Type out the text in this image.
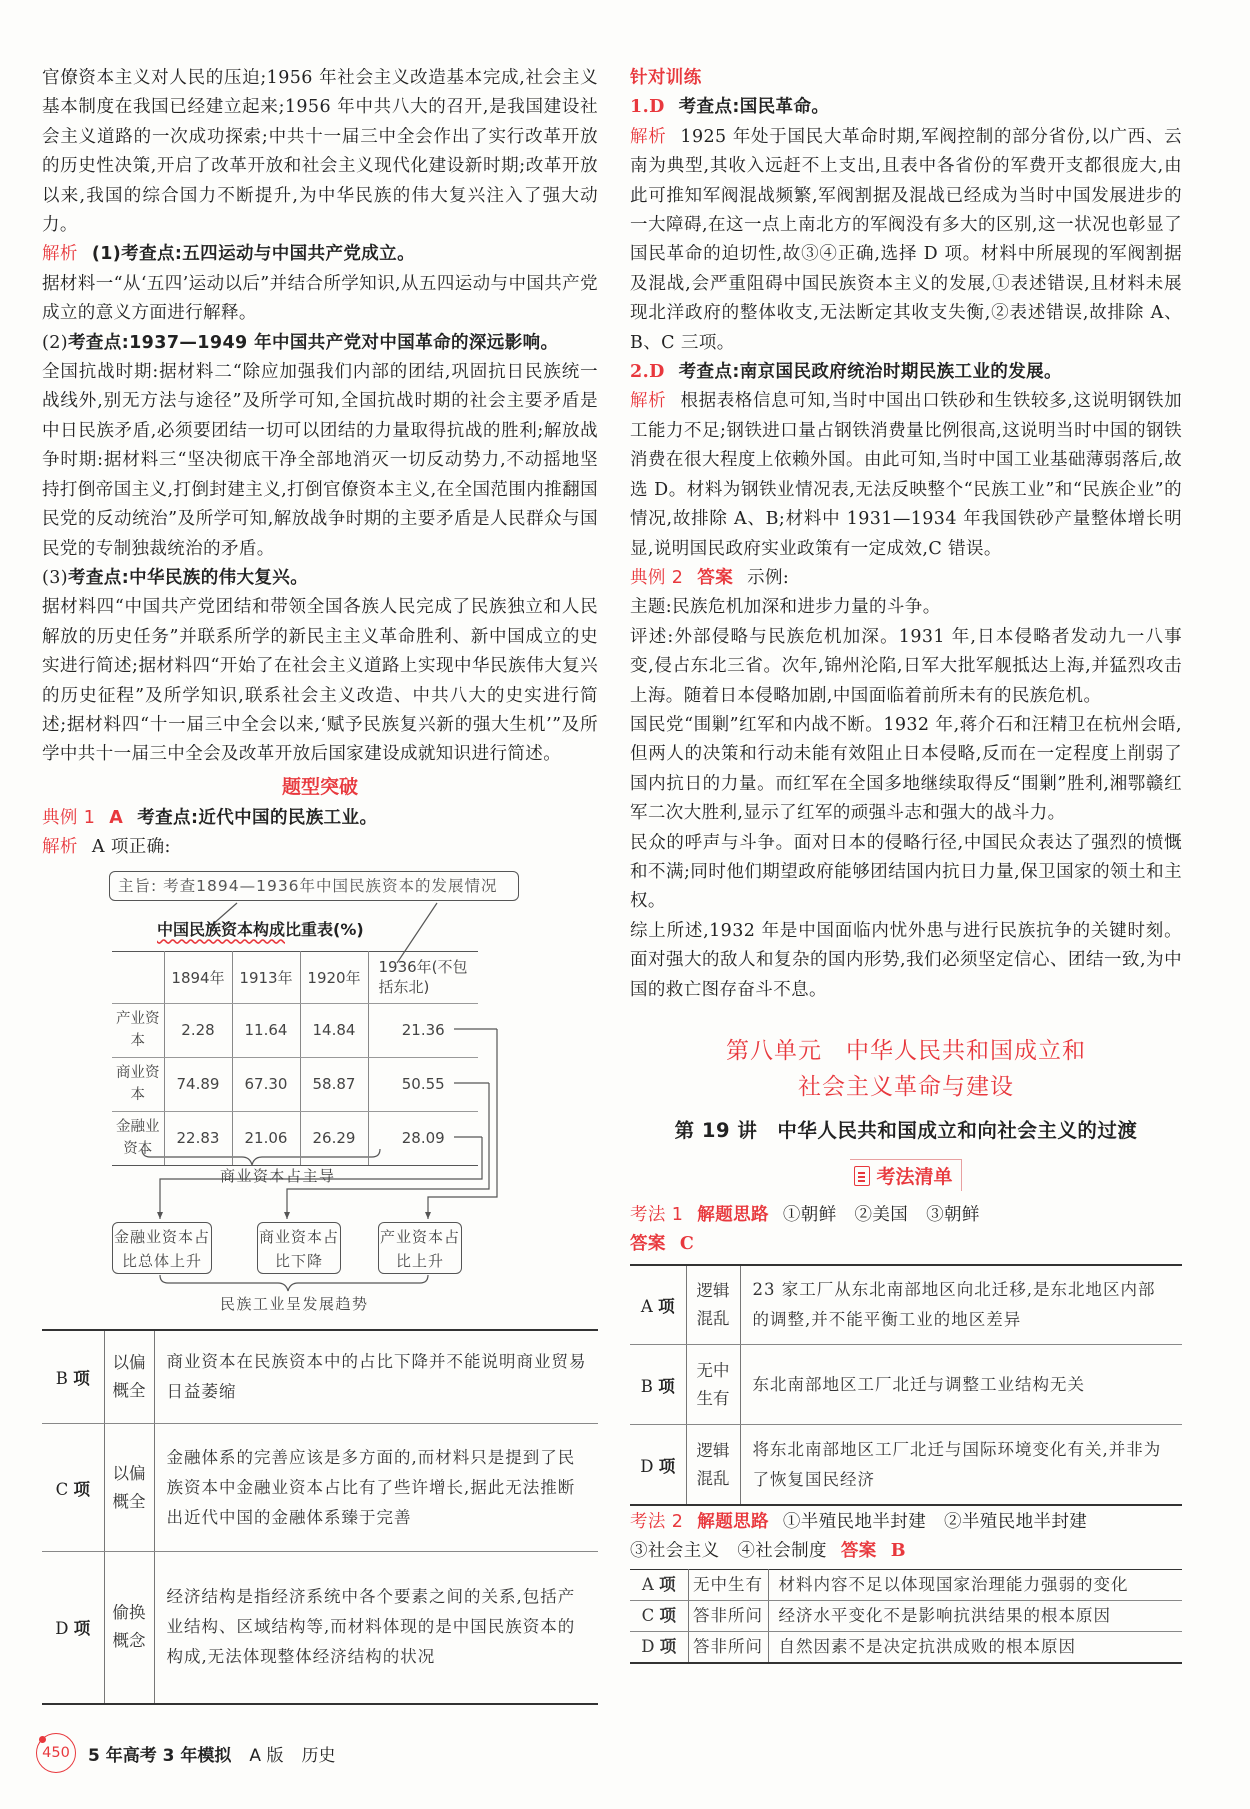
官僚资本主义对人民的压迫;1956 年社会主义改造基本完成,社会主义基本制度在我国已经建立起来;1956 年中共八大的召开,是我国建设社会主义道路的一次成功探索;中共十一届三中全会作出了实行改革开放的历史性决策,开启了改革开放和社会主义现代化建设新时期;改革开放以来,我国的综合国力不断提升,为中华民族的伟大复兴注入了强大动力。

解析 (1)考查点:五四运动与中国共产党成立。

据材料一“从‘五四’运动以后”并结合所学知识,从五四运动与中国共产党成立的意义方面进行解释。

(2)考查点:1937—1949 年中国共产党对中国革命的深远影响。

全国抗战时期:据材料二“除应加强我们内部的团结,巩固抗日民族统一战线外,别无方法与途径”及所学可知,全国抗战时期的社会主要矛盾是中日民族矛盾,必须要团结一切可以团结的力量取得抗战的胜利;解放战争时期:据材料三“坚决彻底干净全部地消灭一切反动势力,不动摇地坚持打倒帝国主义,打倒封建主义,打倒官僚资本主义,在全国范围内推翻国民党的反动统治”及所学可知,解放战争时期的主要矛盾是人民群众与国民党的专制独裁统治的矛盾。

(3)考查点:中华民族的伟大复兴。

据材料四“中国共产党团结和带领全国各族人民完成了民族独立和人民解放的历史任务”并联系所学的新民主主义革命胜利、新中国成立的史实进行简述;据材料四“开始了在社会主义道路上实现中华民族伟大复兴的历史征程”及所学知识,联系社会主义改造、中共八大的史实进行简述;据材料四“十一届三中全会以来,‘赋予民族复兴新的强大生机’”及所学中共十一届三中全会及改革开放后国家建设成就知识进行简述。

题型突破

典例 1 A 考查点:近代中国的民族工业。

解析 A 项正确:

主旨: 考查1894—1936年中国民族资本的发展情况
中国民族资本构成比重表(%)
	1894年	1913年	1920年	1936年(不包括东北)
产业资本	2.28	11.64	14.84	21.36
商业资本	74.89	67.30	58.87	50.55
金融业资本	22.83	21.06	26.29	28.09
商业资本占主导
金融业资本占比总体上升
商业资本占比下降
产业资本占比上升
民族工业呈发展趋势
B 项	以偏概全	商业资本在民族资本中的占比下降并不能说明商业贸易日益萎缩
C 项	以偏概全	金融体系的完善应该是多方面的,而材料只是提到了民族资本中金融业资本占比有了些许增长,据此无法推断出近代中国的金融体系臻于完善
D 项	偷换概念	经济结构是指经济系统中各个要素之间的关系,包括产业结构、区域结构等,而材料体现的是中国民族资本的构成,无法体现整体经济结构的状况

针对训练

1.D 考查点:国民革命。

解析 1925 年处于国民大革命时期,军阀控制的部分省份,以广西、云南为典型,其收入远赶不上支出,且表中各省份的军费开支都很庞大,由此可推知军阀混战频繁,军阀割据及混战已经成为当时中国发展进步的一大障碍,在这一点上南北方的军阀没有多大的区别,这一状况也彰显了国民革命的迫切性,故③④正确,选择 D 项。材料中所展现的军阀割据及混战,会严重阻碍中国民族资本主义的发展,①表述错误,且材料未展现北洋政府的整体收支,无法断定其收支失衡,②表述错误,故排除 A、B、C 三项。

2.D 考查点:南京国民政府统治时期民族工业的发展。

解析 根据表格信息可知,当时中国出口铁砂和生铁较多,这说明钢铁加工能力不足;钢铁进口量占钢铁消费量比例很高,这说明当时中国的钢铁消费在很大程度上依赖外国。由此可知,当时中国工业基础薄弱落后,故选 D。材料为钢铁业情况表,无法反映整个“民族工业”和“民族企业”的情况,故排除 A、B;材料中 1931—1934 年我国铁砂产量整体增长明显,说明国民政府实业政策有一定成效,C 错误。

典例 2 答案 示例:

主题:民族危机加深和进步力量的斗争。

评述:外部侵略与民族危机加深。1931 年,日本侵略者发动九一八事变,侵占东北三省。次年,锦州沦陷,日军大批军舰抵达上海,并猛烈攻击上海。随着日本侵略加剧,中国面临着前所未有的民族危机。

国民党“围剿”红军和内战不断。1932 年,蒋介石和汪精卫在杭州会晤,但两人的决策和行动未能有效阻止日本侵略,反而在一定程度上削弱了国内抗日的力量。而红军在全国多地继续取得反“围剿”胜利,湘鄂赣红军二次大胜利,显示了红军的顽强斗志和强大的战斗力。

民众的呼声与斗争。面对日本的侵略行径,中国民众表达了强烈的愤慨和不满;同时他们期望政府能够团结国内抗日力量,保卫国家的领土和主权。

综上所述,1932 年是中国面临内忧外患与进行民族抗争的关键时刻。面对强大的敌人和复杂的国内形势,我们必须坚定信心、团结一致,为中国的救亡图存奋斗不息。

第八单元　中华人民共和国成立和
社会主义革命与建设
第 19 讲　中华人民共和国成立和向社会主义的过渡
考法清单

考法 1 解题思路 ①朝鲜　②美国　③朝鲜

答案 C

A 项	逻辑混乱	23 家工厂从东北南部地区向北迁移,是东北地区内部的调整,并不能平衡工业的地区差异
B 项	无中生有	东北南部地区工厂北迁与调整工业结构无关
D 项	逻辑混乱	将东北南部地区工厂北迁与国际环境变化有关,并非为了恢复国民经济

考法 2 解题思路 ①半殖民地半封建　②半殖民地半封建

③社会主义　④社会制度 答案 B

A 项	无中生有	材料内容不足以体现国家治理能力强弱的变化
C 项	答非所问	经济水平变化不是影响抗洪结果的根本原因
D 项	答非所问	自然因素不是决定抗洪成败的根本原因
450	5 年高考 3 年模拟 A 版 历史
